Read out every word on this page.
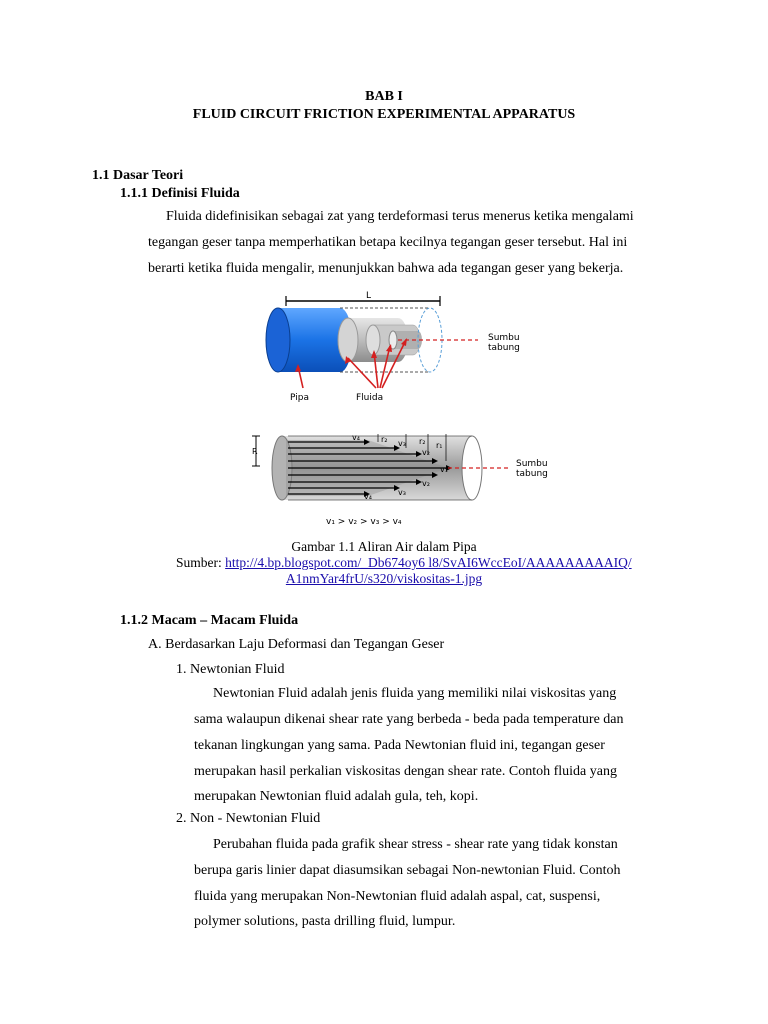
BAB I
FLUID CIRCUIT FRICTION EXPERIMENTAL APPARATUS
1.1 Dasar Teori
1.1.1 Definisi Fluida
Fluida didefinisikan sebagai zat yang terdeformasi terus menerus ketika mengalami
tegangan geser tanpa memperhatikan betapa kecilnya tegangan geser tersebut. Hal ini
berarti ketika fluida mengalir, menunjukkan bahwa ada tegangan geser yang bekerja.
L
Sumbu
tabung
Pipa	Fluida
R
v₄	r₂ v₃ r₂ r₁
v₂
v₁
v₂
v₃
v₄
Sumbu
tabung
v₁ > v₂ > v₃ > v₄
Gambar 1.1 Aliran Air dalam Pipa
Sumber: http://4.bp.blogspot.com/_Db674oy6 l8/SvAI6WccEoI/AAAAAAAAAIQ/
A1nmYar4frU/s320/viskositas-1.jpg
1.1.2 Macam – Macam Fluida
A. Berdasarkan Laju Deformasi dan Tegangan Geser
1. Newtonian Fluid
Newtonian Fluid adalah jenis fluida yang memiliki nilai viskositas yang
sama walaupun dikenai shear rate yang berbeda - beda pada temperature dan
tekanan lingkungan yang sama. Pada Newtonian fluid ini, tegangan geser
merupakan hasil perkalian viskositas dengan shear rate. Contoh fluida yang
merupakan Newtonian fluid adalah gula, teh, kopi.
2. Non - Newtonian Fluid
Perubahan fluida pada grafik shear stress - shear rate yang tidak konstan
berupa garis linier dapat diasumsikan sebagai Non-newtonian Fluid. Contoh
fluida yang merupakan Non-Newtonian fluid adalah aspal, cat, suspensi,
polymer solutions, pasta drilling fluid, lumpur.
